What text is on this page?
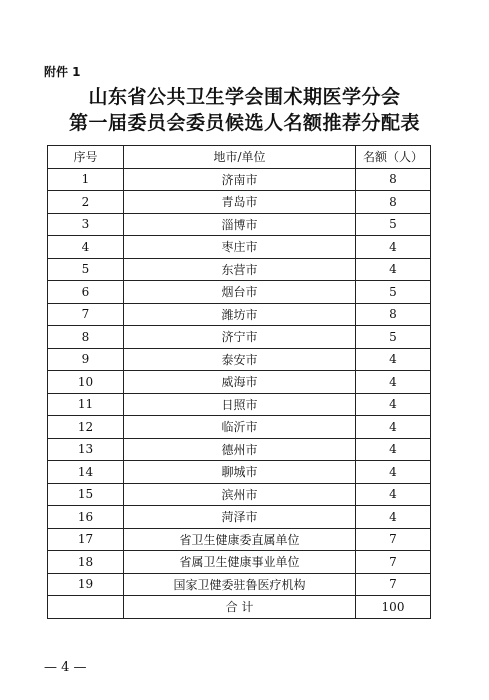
附件 1
山东省公共卫生学会围术期医学分会
第一届委员会委员候选人名额推荐分配表
序号	地市/单位	名额（人）
1	济南市	8
2	青岛市	8
3	淄博市	5
4	枣庄市	4
5	东营市	4
6	烟台市	5
7	潍坊市	8
8	济宁市	5
9	泰安市	4
10	威海市	4
11	日照市	4
12	临沂市	4
13	德州市	4
14	聊城市	4
15	滨州市	4
16	菏泽市	4
17	省卫生健康委直属单位	7
18	省属卫生健康事业单位	7
19	国家卫健委驻鲁医疗机构	7
	合 计	100
— 4 —
